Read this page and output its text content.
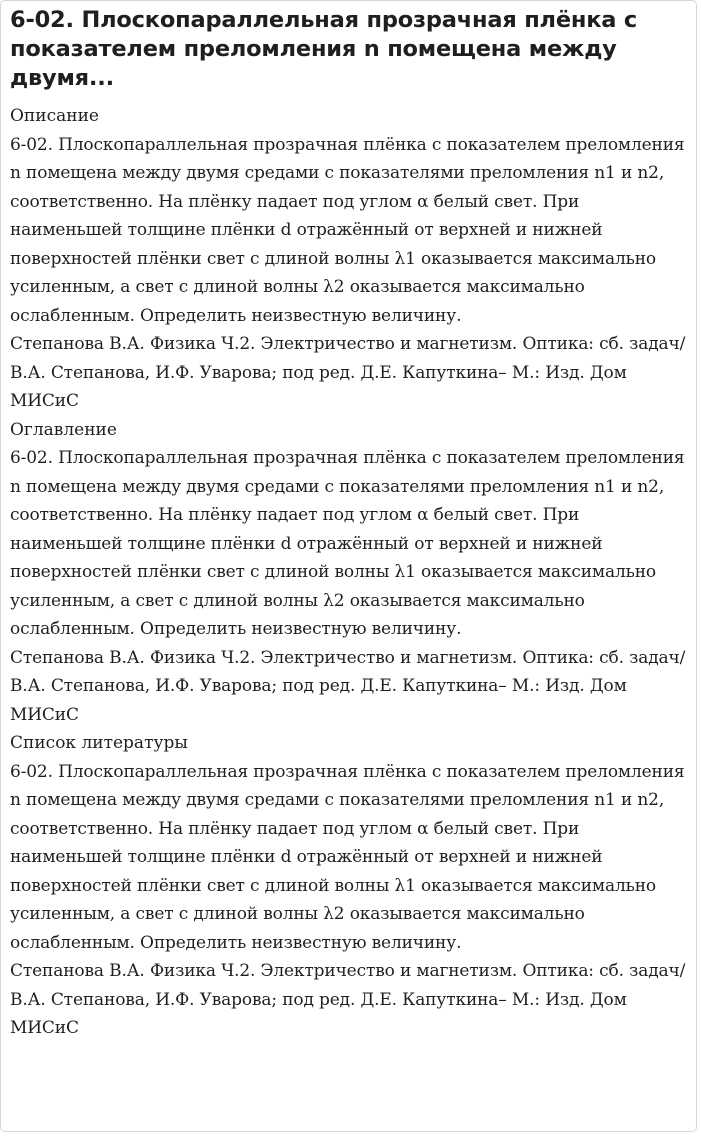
6-02. Плоскопараллельная прозрачная плёнка с показателем преломления n помещена между двумя...
Описание

6-02. Плоскопараллельная прозрачная плёнка с показателем преломления n помещена между двумя средами с показателями преломления n1 и n2, соответственно. На плёнку падает под углом α белый свет. При наименьшей толщине плёнки d отражённый от верхней и нижней поверхностей плёнки свет с длиной волны λ1 оказывается максимально усиленным, а свет с длиной волны λ2 оказывается максимально ослабленным. Определить неизвестную величину.

Степанова В.А. Физика Ч.2. Электричество и магнетизм. Оптика: сб. задач/ В.А. Степанова, И.Ф. Уварова; под ред. Д.Е. Капуткина– М.: Изд. Дом МИСиС

Оглавление

6-02. Плоскопараллельная прозрачная плёнка с показателем преломления n помещена между двумя средами с показателями преломления n1 и n2, соответственно. На плёнку падает под углом α белый свет. При наименьшей толщине плёнки d отражённый от верхней и нижней поверхностей плёнки свет с длиной волны λ1 оказывается максимально усиленным, а свет с длиной волны λ2 оказывается максимально ослабленным. Определить неизвестную величину.

Степанова В.А. Физика Ч.2. Электричество и магнетизм. Оптика: сб. задач/ В.А. Степанова, И.Ф. Уварова; под ред. Д.Е. Капуткина– М.: Изд. Дом МИСиС

Список литературы

6-02. Плоскопараллельная прозрачная плёнка с показателем преломления n помещена между двумя средами с показателями преломления n1 и n2, соответственно. На плёнку падает под углом α белый свет. При наименьшей толщине плёнки d отражённый от верхней и нижней поверхностей плёнки свет с длиной волны λ1 оказывается максимально усиленным, а свет с длиной волны λ2 оказывается максимально ослабленным. Определить неизвестную величину.

Степанова В.А. Физика Ч.2. Электричество и магнетизм. Оптика: сб. задач/ В.А. Степанова, И.Ф. Уварова; под ред. Д.Е. Капуткина– М.: Изд. Дом МИСиС
